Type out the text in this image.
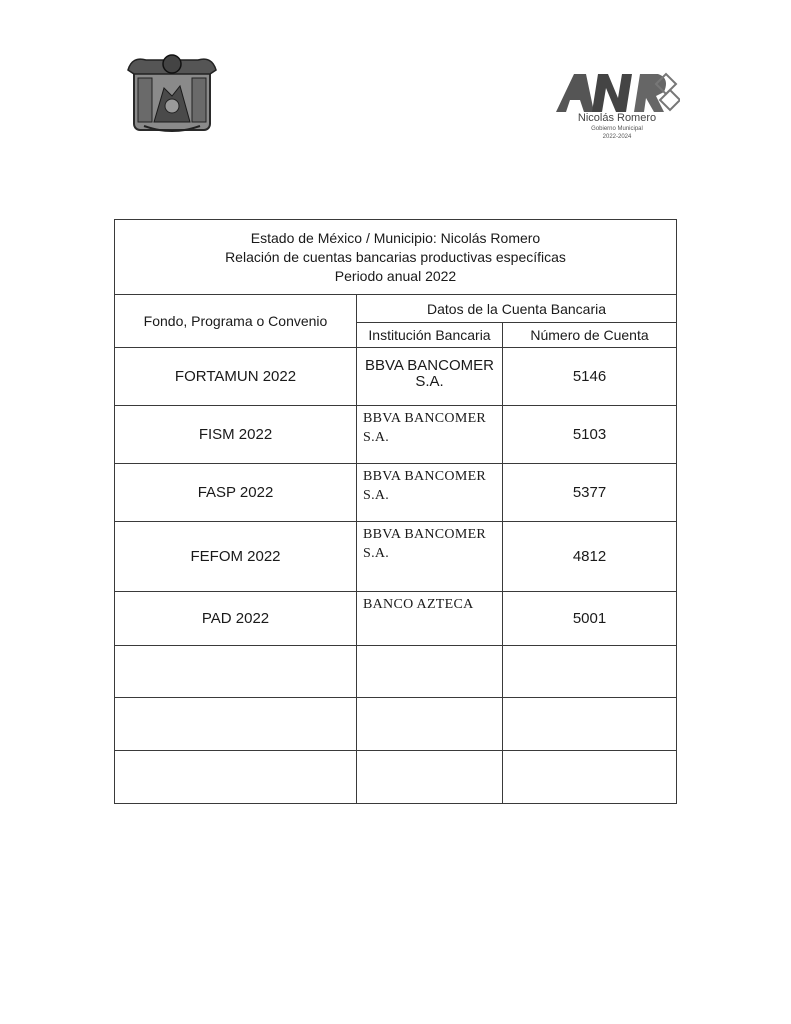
Nicolás Romero
Gobierno Municipal
2022-2024
Estado de México / Municipio: Nicolás Romero
Relación de cuentas bancarias productivas específicas
Periodo anual 2022		

Fondo, Programa o Convenio	Datos de la Cuenta Bancaria	
	Institución Bancaria	Número de Cuenta
FORTAMUN 2022	BBVA BANCOMER S.A.	5146
FISM 2022	BBVA BANCOMER S.A.	5103
FASP 2022	BBVA BANCOMER S.A.	5377
FEFOM 2022	BBVA BANCOMER S.A.	4812
PAD 2022	BANCO AZTECA	5001
